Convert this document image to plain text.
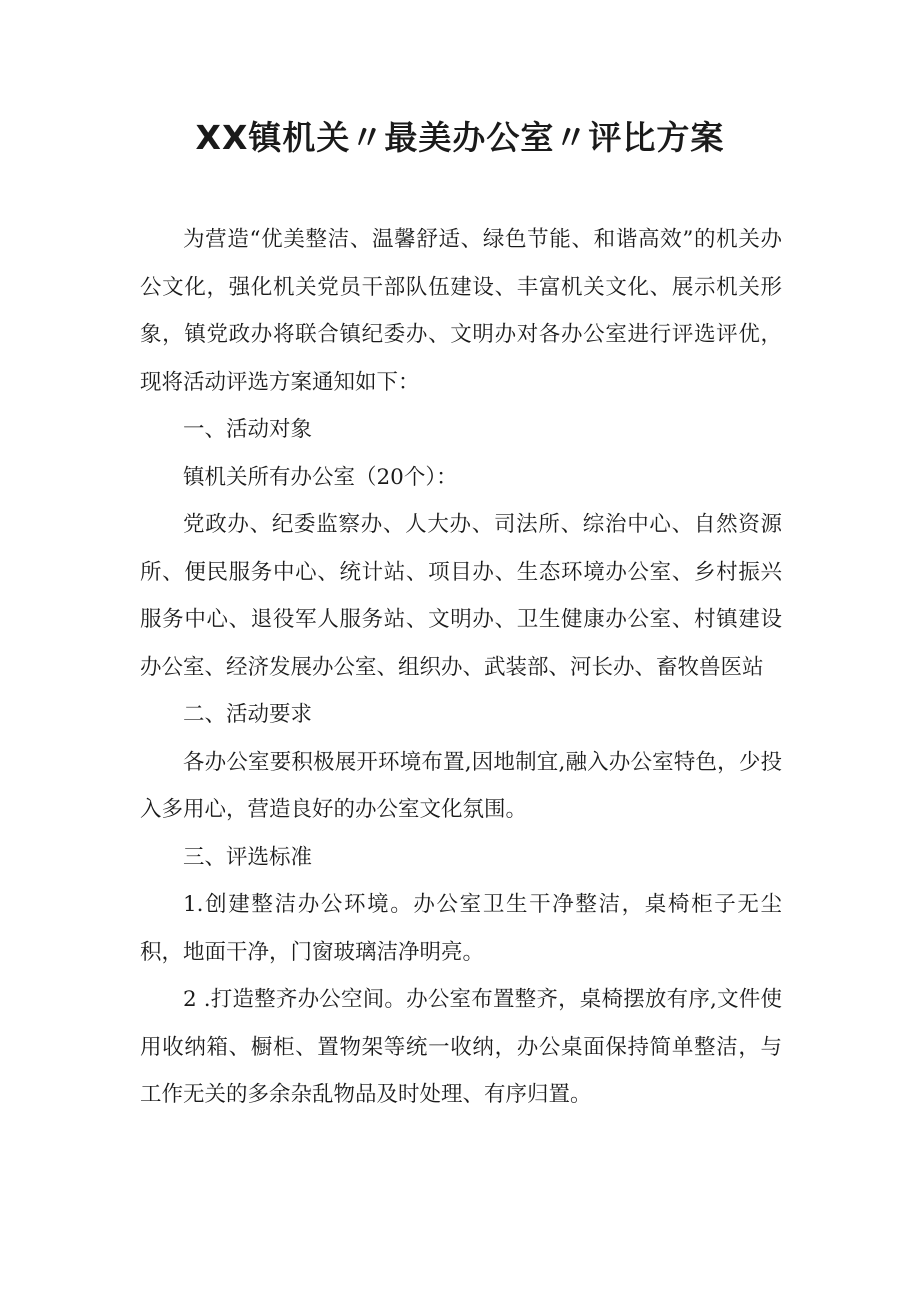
XX镇机关〃最美办公室〃评比方案

为营造“优美整洁、温馨舒适、绿色节能、和谐高效”的机关办公文化，强化机关党员干部队伍建设、丰富机关文化、展示机关形象，镇党政办将联合镇纪委办、文明办对各办公室进行评选评优，现将活动评选方案通知如下：

一、活动对象

镇机关所有办公室（20个）：

党政办、纪委监察办、人大办、司法所、综治中心、自然资源所、便民服务中心、统计站、项目办、生态环境办公室、乡村振兴服务中心、退役军人服务站、文明办、卫生健康办公室、村镇建设办公室、经济发展办公室、组织办、武装部、河长办、畜牧兽医站

二、活动要求

各办公室要积极展开环境布置,因地制宜,融入办公室特色，少投入多用心，营造良好的办公室文化氛围。

三、评选标准

1.创建整洁办公环境。办公室卫生干净整洁，桌椅柜子无尘积，地面干净，门窗玻璃洁净明亮。

2 .打造整齐办公空间。办公室布置整齐，桌椅摆放有序,文件使用收纳箱、橱柜、置物架等统一收纳，办公桌面保持简单整洁，与工作无关的多余杂乱物品及时处理、有序归置。
